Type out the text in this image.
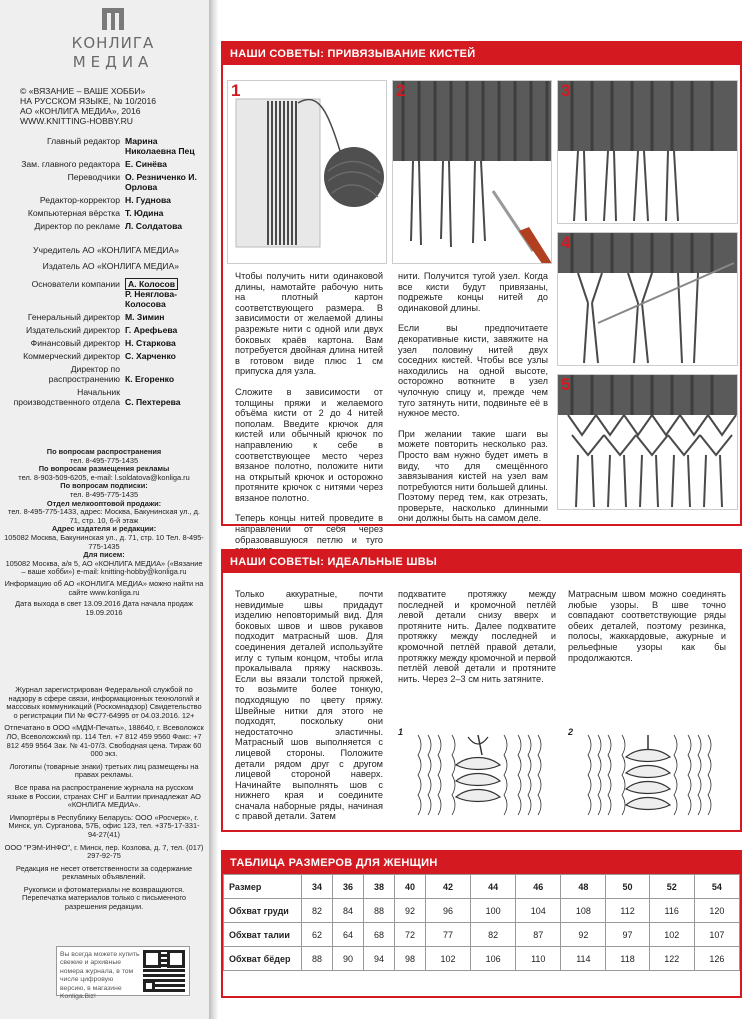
КОНЛИГА
МЕДИА
© «ВЯЗАНИЕ – ВАШЕ ХОББИ»
НА РУССКОМ ЯЗЫКЕ, № 10/2016
АО «КОНЛИГА МЕДИА», 2016
WWW.KNITTING-HOBBY.RU
Главный редактор Марина Николаевна Пец
Зам. главного редактора Е. Синёва
Переводчики О. Резниченко И. Орлова
Редактор-корректор Н. Гуднова
Компьютерная вёрстка Т. Юдина
Директор по рекламе Л. Солдатова
Учредитель АО «КОНЛИГА МЕДИА»
Издатель АО «КОНЛИГА МЕДИА»
Основатели компании А. Колосов
Р. Неяглова-
Колосова
Генеральный директор М. Зимин
Издательский директор Г. Арефьева
Финансовый директор Н. Старкова
Коммерческий директор С. Харченко
Директор по распространению К. Егоренко
Начальник производственного отдела С. Пехтерева
По вопросам распространения
тел. 8-495-775-1435
По вопросам размещения рекламы
тел. 8-903-509-6205, e-mail: l.soldatova@konliga.ru
По вопросам подписки:
тел. 8-495-775-1435
Отдел мелкооптовой продажи:
тел. 8-495-775-1433, адрес: Москва, Бакунинская ул., д. 71, стр. 10, 6-й этаж
Адрес издателя и редакции:
105082 Москва, Бакунинская ул., д. 71, стр. 10 Тел. 8-495-775-1435
Для писем:
105082 Москва, а/я 5, АО «КОНЛИГА МЕДИА» («Вязание – ваше хобби») e-mail: knitting-hobby@konliga.ru
Информацию об АО «КОНЛИГА МЕДИА» можно найти на сайте www.konliga.ru
Дата выхода в свет 13.09.2016 Дата начала продаж 19.09.2016
Журнал зарегистрирован Федеральной службой по надзору в сфере связи, информационных технологий и массовых коммуникаций (Роскомнадзор) Свидетельство о регистрации ПИ № ФС77-64995 от 04.03.2016. 12+
Отпечатано в ООО «МДМ-Печать», 188640, г. Всеволожск ЛО, Всеволожский пр. 114 Тел. +7 812 459 9560 Факс: +7 812 459 9564 Зак. № 41-07/3. Свободная цена. Тираж 60 000 экз.
Логотипы (товарные знаки) третьих лиц размещены на правах рекламы.
Все права на распространение журнала на русском языке в России, странах СНГ и Балтии принадлежат АО «КОНЛИГА МЕДИА».
Импортёры в Республику Беларусь: ООО «Росчерк», г. Минск, ул. Сурганова, 57Б, офис 123, тел. +375-17-331-94-27(41)
ООО "РЭМ-ИНФО", г. Минск, пер. Козлова, д. 7, тел. (017) 297-92-75
Редакция не несет ответственности за содержание рекламных объявлений.
Рукописи и фотоматериалы не возвращаются.
Перепечатка материалов только с письменного разрешения редакции.
Вы всегда можете купить свежие и архивные номера журнала, в том числе цифровую версию, в магазине Konliga.Biz!
НАШИ СОВЕТЫ: ПРИВЯЗЫВАНИЕ КИСТЕЙ
1	2	3
4
5

Чтобы получить нити одинаковой длины, намотайте рабочую нить на плотный картон соответствующего размера. В зависимости от желаемой длины разрежьте нити с одной или двух боковых краёв картона. Вам потребуется двойная длина нитей в готовом виде плюс 1 см припуска для узла.

Сложите в зависимости от толщины пряжи и желаемого объёма кисти от 2 до 4 нитей пополам. Введите крючок для кистей или обычный крючок по направлению к себе в соответствующее место через вязаное полотно, положите нити на открытый крючок и осторожно протяните крючок с нитями через вязаное полотно.

Теперь концы нитей проведите в направлении от себя через образовавшуюся петлю и туго

нити. Получится тугой узел. Когда все кисти будут привязаны, подрежьте концы нитей до одинаковой длины.

Если вы предпочитаете декоративные кисти, завяжите на узел половину нитей двух соседних кистей. Чтобы все узлы находились на одной высоте, осторожно воткните в узел чулочную спицу и, прежде чем туго затянуть нити, подвиньте её в нужное место.

При желании такие шаги вы можете повторить несколько раз. Просто вам нужно будет иметь в виду, что для смещённого завязывания кистей на узел вам потребуются нити большей длины. Поэтому перед тем, как отрезать, проверьте, насколько длинными они должны быть на самом деле.

НАШИ СОВЕТЫ: ИДЕАЛЬНЫЕ ШВЫ

Только аккуратные, почти невидимые швы придадут изделию неповторимый вид. Для боковых швов и швов рукавов подходит матрасный шов. Для соединения деталей используйте иглу с тупым концом, чтобы игла прокалывала пряжу насквозь. Если вы вязали толстой пряжей, то возьмите более тонкую, подходящую по цвету пряжу. Швейные нитки для этого не подходят, поскольку они недостаточно эластичны. Матрасный шов выполняется с лицевой стороны. Положите детали рядом друг с другом лицевой стороной наверх. Начинайте выполнять шов с нижнего края и соедините сначала наборные ряды, начиная с правой детали. Затем

подхватите протяжку между последней и кромочной петлёй левой детали снизу вверх и протяните нить. Далее подхватите протяжку между последней и кромочной петлёй правой детали, протяжку между кромочной и первой петлёй левой детали и протяните нить. Через 2–3 см нить затяните.

Матрасным швом можно соединять любые узоры. В шве точно совпадают соответствующие ряды обеих деталей, поэтому резинка, полосы, жаккардовые, ажурные и рельефные узоры как бы продолжаются.

1	2
ТАБЛИЦА РАЗМЕРОВ ДЛЯ ЖЕНЩИН
Размер	34	36	38	40	42	44	46	48	50	52	54
Обхват груди	82	84	88	92	96	100	104	108	112	116	120
Обхват талии	62	64	68	72	77	82	87	92	97	102	107
Обхват бёдер	88	90	94	98	102	106	110	114	118	122	126
